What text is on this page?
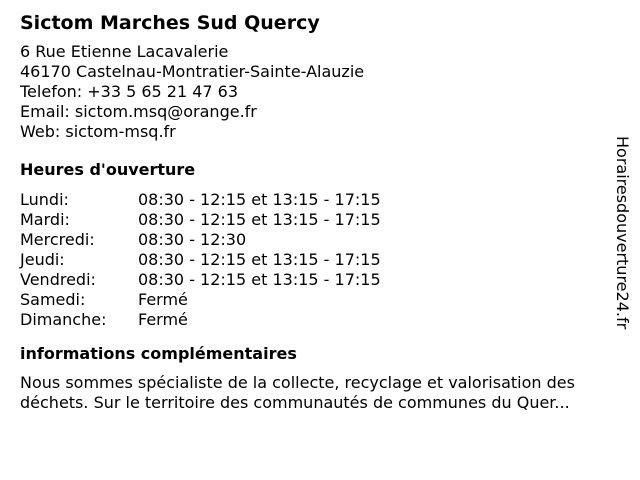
Sictom Marches Sud Quercy
6 Rue Etienne Lacavalerie
46170 Castelnau-Montratier-Sainte-Alauzie
Telefon: +33 5 65 21 47 63
Email: sictom.msq@orange.fr
Web: sictom-msq.fr
Heures d'ouverture
Lundi:	08:30 - 12:15 et 13:15 - 17:15
Mardi:	08:30 - 12:15 et 13:15 - 17:15
Mercredi:	08:30 - 12:30
Jeudi:	08:30 - 12:15 et 13:15 - 17:15
Vendredi:	08:30 - 12:15 et 13:15 - 17:15
Samedi:	Fermé
Dimanche:	Fermé
informations complémentaires
Nous sommes spécialiste de la collecte, recyclage et valorisation des déchets. Sur le territoire des communautés de communes du Quer...
Horairesdouverture24.fr
